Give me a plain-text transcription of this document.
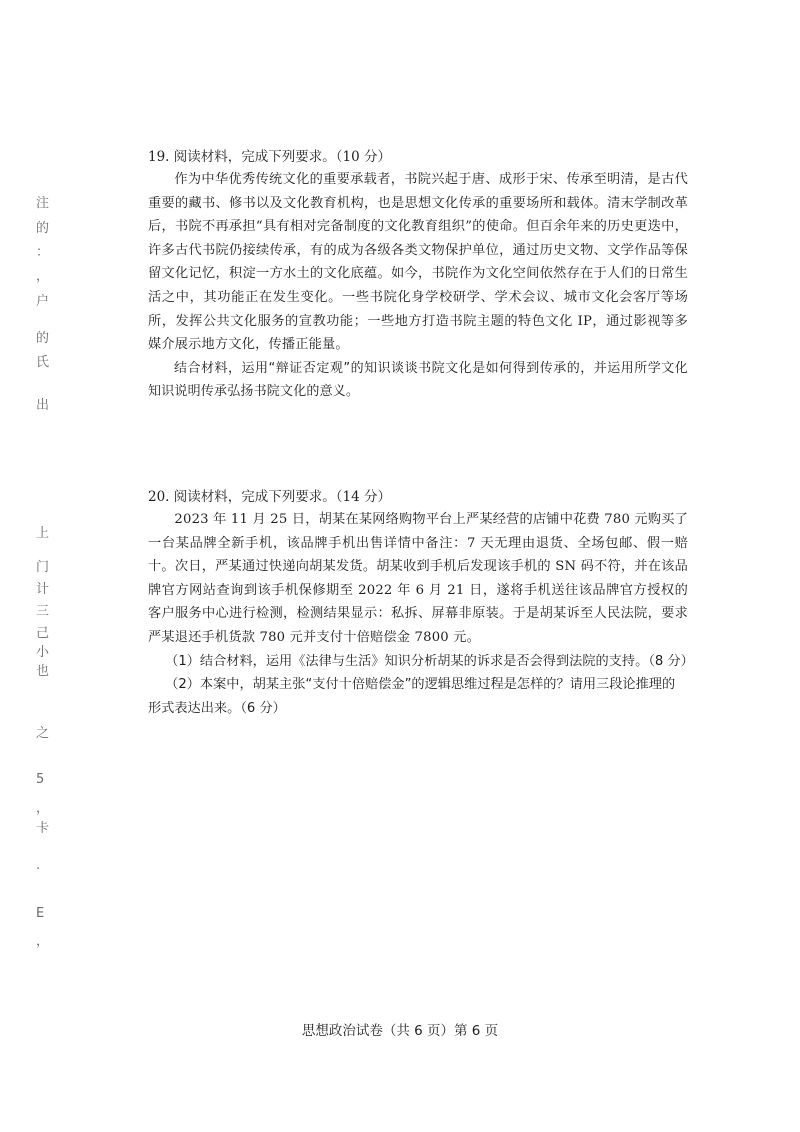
注
的
：
，
户
的
氏
出
上
门
计
三
己
小
也
之
5
，
卡
·
E
，

19. 阅读材料，完成下列要求。（10 分）

作为中华优秀传统文化的重要承载者，书院兴起于唐、成形于宋、传承至明清，是古代重要的藏书、修书以及文化教育机构，也是思想文化传承的重要场所和载体。清末学制改革后，书院不再承担“具有相对完备制度的文化教育组织”的使命。但百余年来的历史更迭中，许多古代书院仍接续传承，有的成为各级各类文物保护单位，通过历史文物、文学作品等保留文化记忆，积淀一方水土的文化底蕴。如今，书院作为文化空间依然存在于人们的日常生活之中，其功能正在发生变化。一些书院化身学校研学、学术会议、城市文化会客厅等场所，发挥公共文化服务的宣教功能；一些地方打造书院主题的特色文化 IP，通过影视等多媒介展示地方文化，传播正能量。

结合材料，运用“辩证否定观”的知识谈谈书院文化是如何得到传承的，并运用所学文化知识说明传承弘扬书院文化的意义。

20. 阅读材料，完成下列要求。（14 分）

2023 年 11 月 25 日，胡某在某网络购物平台上严某经营的店铺中花费 780 元购买了一台某品牌全新手机，该品牌手机出售详情中备注：7 天无理由退货、全场包邮、假一赔十。次日，严某通过快递向胡某发货。胡某收到手机后发现该手机的 SN 码不符，并在该品牌官方网站查询到该手机保修期至 2022 年 6 月 21 日，遂将手机送往该品牌官方授权的客户服务中心进行检测，检测结果显示：私拆、屏幕非原装。于是胡某诉至人民法院，要求严某退还手机货款 780 元并支付十倍赔偿金 7800 元。

（1）结合材料，运用《法律与生活》知识分析胡某的诉求是否会得到法院的支持。（8 分）

（2）本案中，胡某主张“支付十倍赔偿金”的逻辑思维过程是怎样的？请用三段论推理的形式表达出来。（6 分）

思想政治试卷（共 6 页）第 6 页
